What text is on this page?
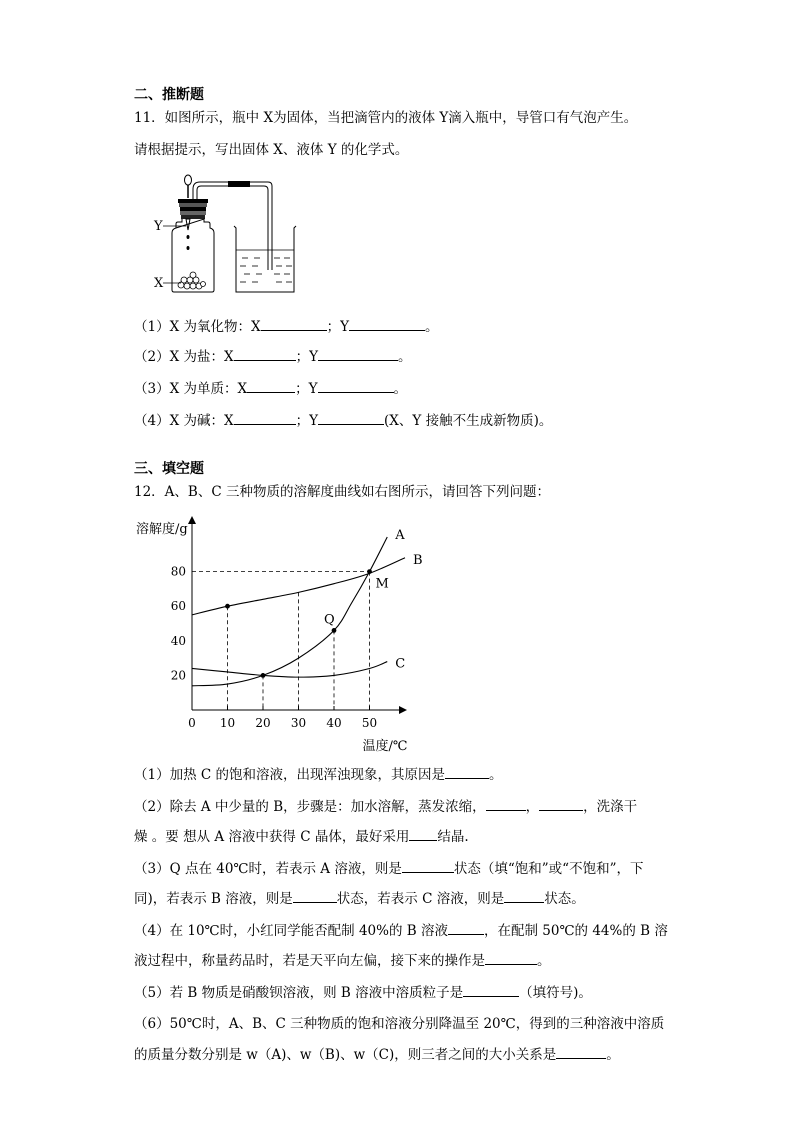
二、推断题
11．如图所示，瓶中 X为固体，当把滴管内的液体 Y滴入瓶中，导管口有气泡产生。
请根据提示，写出固体 X、液体 Y 的化学式。
Y
X
（1）X 为氧化物：X	；Y	。
（2）X 为盐：X	；Y	。
（3）X 为单质：X	；Y	。
（4）X 为碱：X	；Y	(X、Y 接触不生成新物质)。
三、填空题
12．A、B、C 三种物质的溶解度曲线如右图所示，请回答下列问题：
0 10 20 30 40 50
20
40
60
80
溶解度/g
温度/℃
A
B
C
Q
M
（1）加热 C 的饱和溶液，出现浑浊现象，其原因是	。
（2）除去 A 中少量的 B，步骤是：加水溶解，蒸发浓缩，	，	，洗涤干
燥 。要 想从 A 溶液中获得 C 晶体，最好采用 结晶.
（3）Q 点在 40℃时，若表示 A 溶液，则是	状态（填“饱和”或“不饱和”，下
同)，若表示 B 溶液，则是	状态，若表示 C 溶液，则是	状态。
（4）在 10℃时，小红同学能否配制 40%的 B 溶液	，在配制 50℃的 44%的 B 溶
液过程中，称量药品时，若是天平向左偏，接下来的操作是	。
（5）若 B 物质是硝酸钡溶液，则 B 溶液中溶质粒子是	（填符号)。
（6）50℃时，A、B、C 三种物质的饱和溶液分别降温至 20℃，得到的三种溶液中溶质
的质量分数分别是 w（A)、w（B)、w（C)，则三者之间的大小关系是	。
